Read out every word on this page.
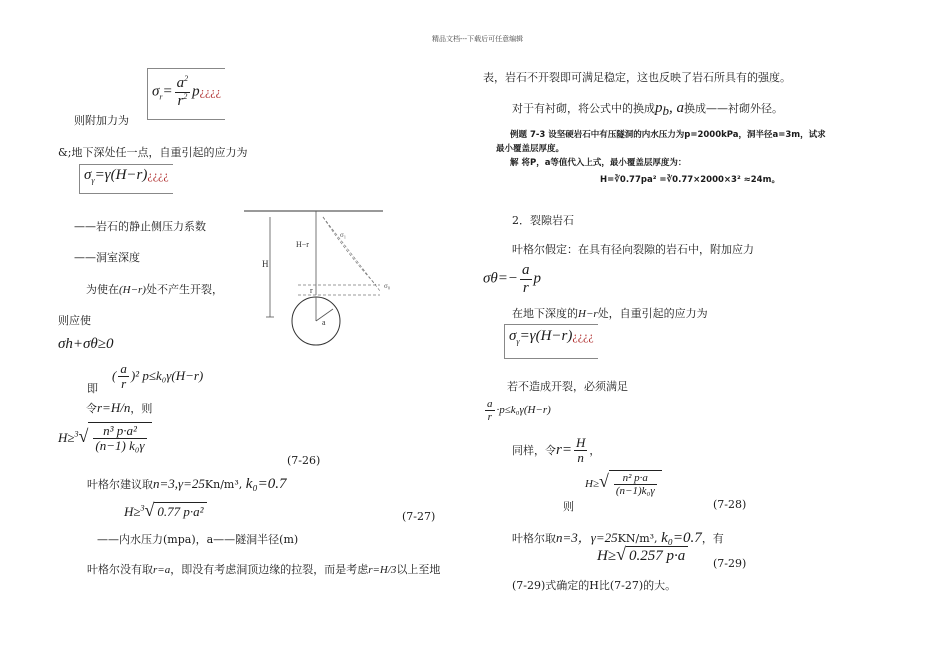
精品文档---下载后可任意编辑
$\sigma_r= \frac{a^2}{r^2}$ p¿¿¿¿
则附加力为
&;地下深处任一点，自重引起的应力为
$\sigma_\gamma=\gamma(H-r)¿¿¿¿$
——岩石的静止侧压力系数
——洞室深度
为使在(H−r)处不产生开裂，
则应使
σh+σθ≥0
即
( $\frac{a}{r} )^2$ p≤k₀γ(H−r)
令r=H/n，则
$H\ge^3√ \frac{\text{n³ p·a²}}{\text{(n−1) k₀γ}}$
(7-26)
叶格尔建议取n=3,γ=25Kn/m³, k₀=0.7
H≥$^3$√ 0.77 p·a²	(7-27)
——内水压力(mpa)，a——隧洞半径(m)
叶格尔没有取r=a，即没有考虑洞顶边缘的拉裂，而是考虑r=H/3以上至地
H
H−r
σ₁
σ₀
r
a
表，岩石不开裂即可满足稳定，这也反映了岩石所具有的强度。
对于有衬砌，将公式中的换成$p_b$, a换成——衬砌外径。
例题 7-3 设坚硬岩石中有压隧洞的内水压力为p=2000kPa，洞半径a=3m，试求
最小覆盖层厚度。
解 将P，a等值代入上式，最小覆盖层厚度为：
H=∛0.77pa² =∛0.77×2000×3² ≈24m。
2．裂隙岩石
叶格尔假定：在具有径向裂隙的岩石中，附加应力
$\sigma\theta=- \frac{a}{r}$ p
在地下深度的H−r处，自重引起的应力为
$\sigma_\gamma=\gamma(H-r)¿¿¿¿$
若不造成开裂，必须满足
$\frac{a}{r} \cdot p\le k_0\gamma(H-r)$
同样，令$r= \frac{H}{n}$ ，
则
$H\ge√ \frac{\text{n² p·a}}{\text{(n−1)k₀γ}}$
(7-28)
叶格尔取n=3，γ=25KN/m³, k₀=0.7，有
H≥√ 0.257 p·a	(7-29)
(7-29)式确定的H比(7-27)的大。
